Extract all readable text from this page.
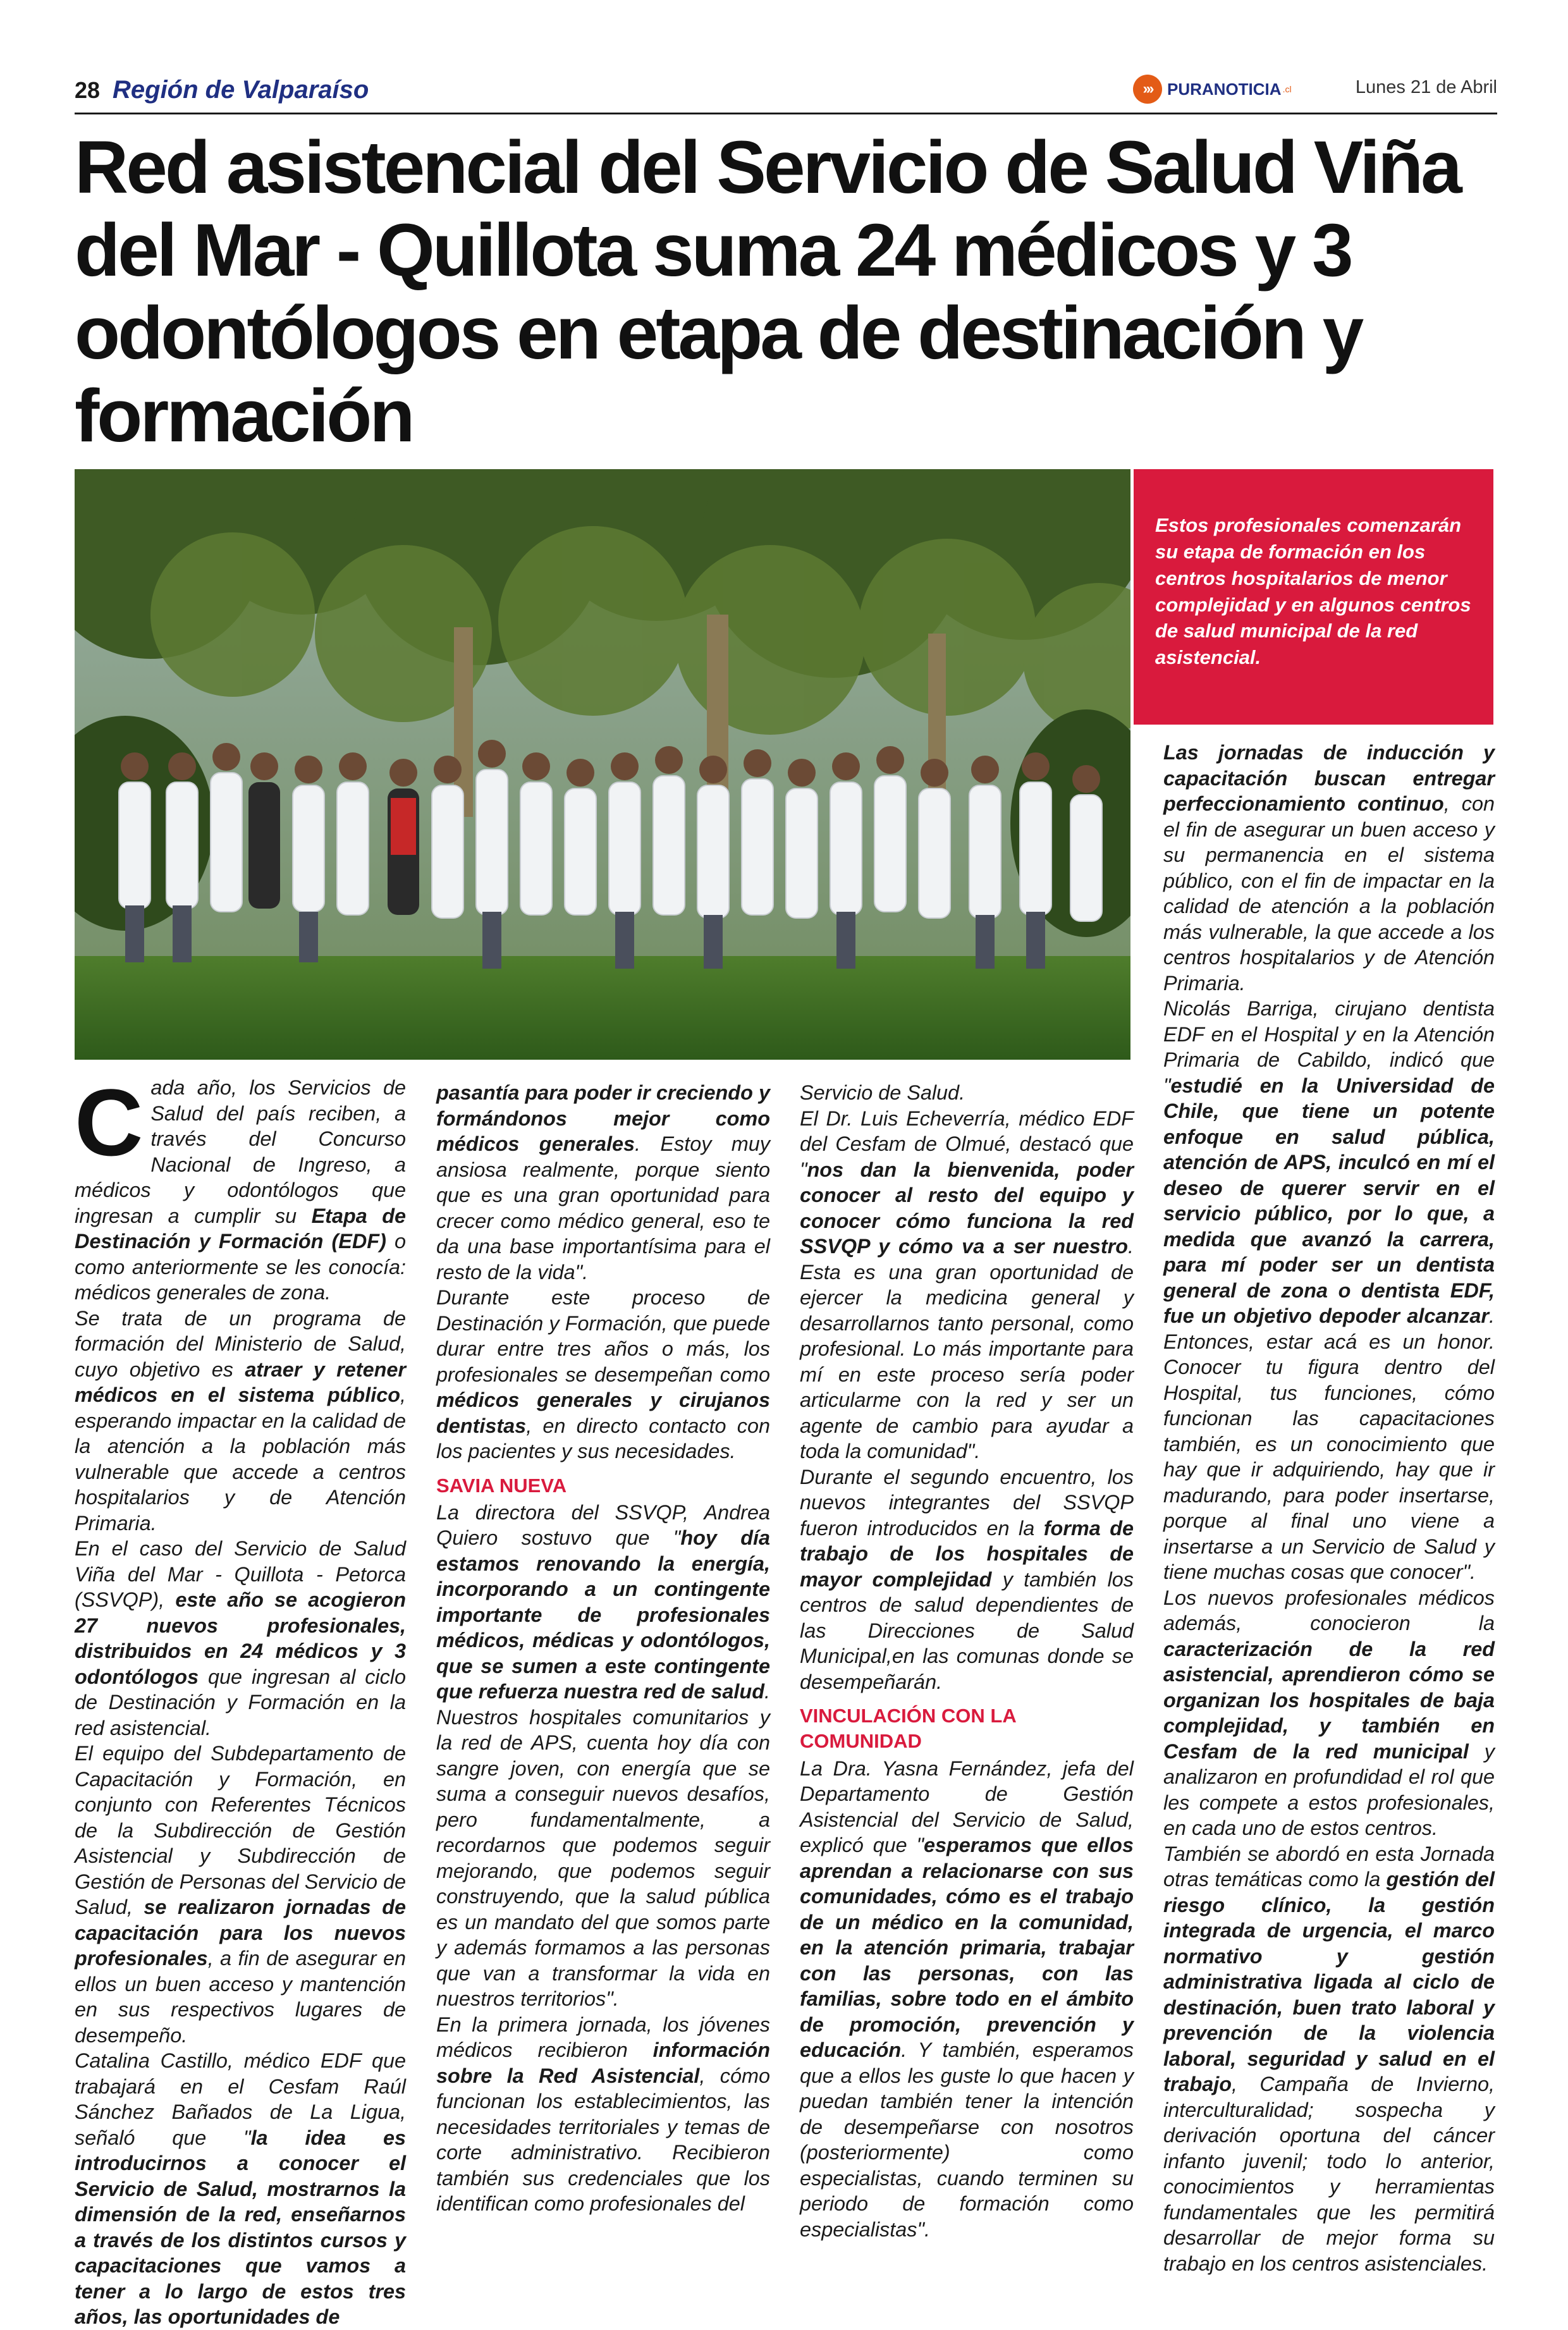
28 Región de Valparaíso	››› PURANOTICIA .cl	Lunes 21 de Abril
Red asistencial del Servicio de Salud Viña del Mar - Quillota suma 24 médicos y 3 odontólogos en etapa de destinación y formación

Estos profesionales comenzarán su etapa de formación en los centros hospitalarios de menor complejidad y en algunos centros de salud municipal de la red asistencial.

Cada año, los Servicios de Salud del país reciben, a través del Concurso Nacional de Ingreso, a médicos y odontólogos que ingresan a cumplir su Etapa de Destinación y Formación (EDF) o como anteriormente se les conocía: médicos generales de zona.

Se trata de un programa de formación del Ministerio de Salud, cuyo objetivo es atraer y retener médicos en el sistema público, esperando impactar en la calidad de la atención a la población más vulnerable que accede a centros hospitalarios y de Atención Primaria.

En el caso del Servicio de Salud Viña del Mar - Quillota - Petorca (SSVQP), este año se acogieron 27 nuevos profesionales, distribuidos en 24 médicos y 3 odontólogos que ingresan al ciclo de Destinación y Formación en la red asistencial.

El equipo del Subdepartamento de Capacitación y Formación, en conjunto con Referentes Técnicos de la Subdirección de Gestión Asistencial y Subdirección de Gestión de Personas del Servicio de Salud, se realizaron jornadas de capacitación para los nuevos profesionales, a fin de asegurar en ellos un buen acceso y mantención en sus respectivos lugares de desempeño.

Catalina Castillo, médico EDF que trabajará en el Cesfam Raúl Sánchez Bañados de La Ligua, señaló que "la idea es introducirnos a conocer el Servicio de Salud, mostrarnos la dimensión de la red, enseñarnos a través de los distintos cursos y capacitaciones que vamos a tener a lo largo de estos tres años, las oportunidades de

pasantía para poder ir creciendo y formándonos mejor como médicos generales. Estoy muy ansiosa realmente, porque siento que es una gran oportunidad para crecer como médico general, eso te da una base importantísima para el resto de la vida".

Durante este proceso de Destinación y Formación, que puede durar entre tres años o más, los profesionales se desempeñan como médicos generales y cirujanos dentistas, en directo contacto con los pacientes y sus necesidades.

SAVIA NUEVA

La directora del SSVQP, Andrea Quiero sostuvo que "hoy día estamos renovando la energía, incorporando a un contingente importante de profesionales médicos, médicas y odontólogos, que se sumen a este contingente que refuerza nuestra red de salud. Nuestros hospitales comunitarios y la red de APS, cuenta hoy día con sangre joven, con energía que se suma a conseguir nuevos desafíos, pero fundamentalmente, a recordarnos que podemos seguir mejorando, que podemos seguir construyendo, que la salud pública es un mandato del que somos parte y además formamos a las personas que van a transformar la vida en nuestros territorios".

En la primera jornada, los jóvenes médicos recibieron información sobre la Red Asistencial, cómo funcionan los establecimientos, las necesidades territoriales y temas de corte administrativo. Recibieron también sus credenciales que los identifican como profesionales del

Servicio de Salud.

El Dr. Luis Echeverría, médico EDF del Cesfam de Olmué, destacó que "nos dan la bienvenida, poder conocer al resto del equipo y conocer cómo funciona la red SSVQP y cómo va a ser nuestro. Esta es una gran oportunidad de ejercer la medicina general y desarrollarnos tanto personal, como profesional. Lo más importante para mí en este proceso sería poder articularme con la red y ser un agente de cambio para ayudar a toda la comunidad".

Durante el segundo encuentro, los nuevos integrantes del SSVQP fueron introducidos en la forma de trabajo de los hospitales de mayor complejidad y también los centros de salud dependientes de las Direcciones de Salud Municipal,en las comunas donde se desempeñarán.

VINCULACIÓN CON LA COMUNIDAD

La Dra. Yasna Fernández, jefa del Departamento de Gestión Asistencial del Servicio de Salud, explicó que "esperamos que ellos aprendan a relacionarse con sus comunidades, cómo es el trabajo de un médico en la comunidad, en la atención primaria, trabajar con las personas, con las familias, sobre todo en el ámbito de promoción, prevención y educación. Y también, esperamos que a ellos les guste lo que hacen y puedan también tener la intención de desempeñarse con nosotros (posteriormente) como especialistas, cuando terminen su periodo de formación como especialistas".

Las jornadas de inducción y capacitación buscan entregar perfeccionamiento continuo, con el fin de asegurar un buen acceso y su permanencia en el sistema público, con el fin de impactar en la calidad de atención a la población más vulnerable, la que accede a los centros hospitalarios y de Atención Primaria.

Nicolás Barriga, cirujano dentista EDF en el Hospital y en la Atención Primaria de Cabildo, indicó que "estudié en la Universidad de Chile, que tiene un potente enfoque en salud pública, atención de APS, inculcó en mí el deseo de querer servir en el servicio público, por lo que, a medida que avanzó la carrera, para mí poder ser un dentista general de zona o dentista EDF, fue un objetivo depoder alcanzar. Entonces, estar acá es un honor. Conocer tu figura dentro del Hospital, tus funciones, cómo funcionan las capacitaciones también, es un conocimiento que hay que ir adquiriendo, hay que ir madurando, para poder insertarse, porque al final uno viene a insertarse a un Servicio de Salud y tiene muchas cosas que conocer".

Los nuevos profesionales médicos además, conocieron la caracterización de la red asistencial, aprendieron cómo se organizan los hospitales de baja complejidad, y también en Cesfam de la red municipal y analizaron en profundidad el rol que les compete a estos profesionales, en cada uno de estos centros.

También se abordó en esta Jornada otras temáticas como la gestión del riesgo clínico, la gestión integrada de urgencia, el marco normativo y gestión administrativa ligada al ciclo de destinación, buen trato laboral y prevención de la violencia laboral, seguridad y salud en el trabajo, Campaña de Invierno, interculturalidad; sospecha y derivación oportuna del cáncer infanto juvenil; todo lo anterior, conocimientos y herramientas fundamentales que les permitirá desarrollar de mejor forma su trabajo en los centros asistenciales.
